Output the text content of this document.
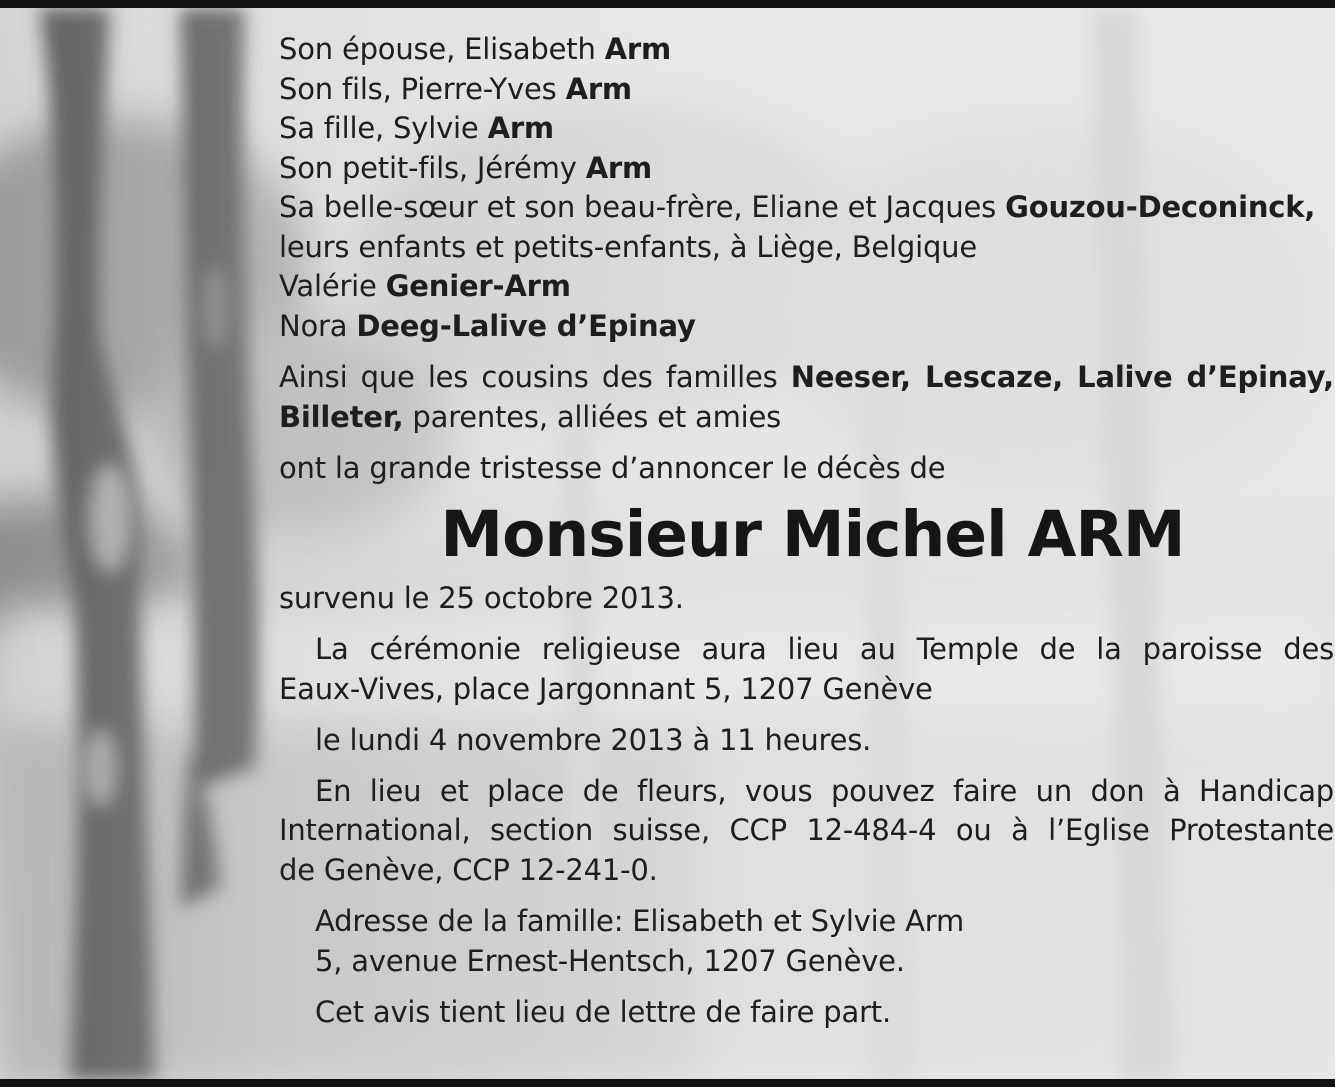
Son épouse, Elisabeth Arm
Son fils, Pierre-Yves Arm
Sa fille, Sylvie Arm
Son petit-fils, Jérémy Arm
Sa belle-sœur et son beau-frère, Eliane et Jacques Gouzou-Deconinck,
leurs enfants et petits-enfants, à Liège, Belgique
Valérie Genier-Arm
Nora Deeg-Lalive d’Epinay
Ainsi que les cousins des familles Neeser, Lescaze, Lalive d’Epinay,
Billeter, parentes, alliées et amies
ont la grande tristesse d’annoncer le décès de
Monsieur Michel ARM
survenu le 25 octobre 2013.
La cérémonie religieuse aura lieu au Temple de la paroisse des
Eaux-Vives, place Jargonnant 5, 1207 Genève
le lundi 4 novembre 2013 à 11 heures.
En lieu et place de fleurs, vous pouvez faire un don à Handicap
International, section suisse, CCP 12-484-4 ou à l’Eglise Protestante
de Genève, CCP 12-241-0.
Adresse de la famille: Elisabeth et Sylvie Arm
5, avenue Ernest-Hentsch, 1207 Genève.
Cet avis tient lieu de lettre de faire part.
